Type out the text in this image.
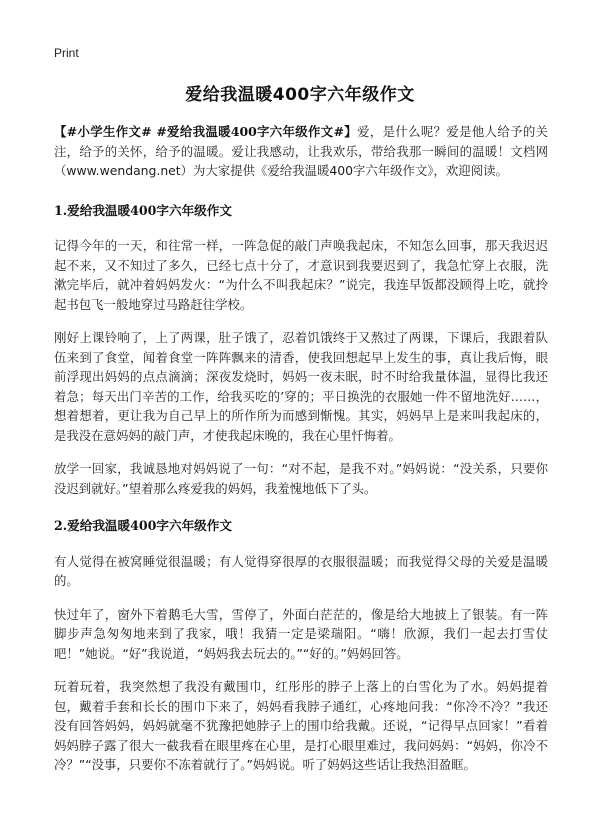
Print
爱给我温暖400字六年级作文

【#小学生作文# #爱给我温暖400字六年级作文#】爱，是什么呢？爱是他人给予的关注，给予的关怀，给予的温暖。爱让我感动，让我欢乐，带给我那一瞬间的温暖！文档网（www.wendang.net）为大家提供《爱给我温暖400字六年级作文》，欢迎阅读。

1.爱给我温暖400字六年级作文

记得今年的一天，和往常一样，一阵急促的敲门声唤我起床，不知怎么回事，那天我迟迟起不来，又不知过了多久，已经七点十分了，才意识到我要迟到了，我急忙穿上衣服，洗漱完毕后，就冲着妈妈发火：“为什么不叫我起床？”说完，我连早饭都没顾得上吃，就拎起书包飞一般地穿过马路赶往学校。

刚好上课铃响了，上了两课，肚子饿了，忍着饥饿终于又熬过了两课，下课后，我跟着队伍来到了食堂，闻着食堂一阵阵飘来的清香，使我回想起早上发生的事，真让我后悔，眼前浮现出妈妈的点点滴滴；深夜发烧时，妈妈一夜未眠，时不时给我量体温，显得比我还着急；每天出门辛苦的工作，给我买吃的’穿的；平日换洗的衣服她一件不留地洗好……，想着想着，更让我为自己早上的所作所为而感到惭愧。其实，妈妈早上是来叫我起床的，是我没在意妈妈的敲门声，才使我起床晚的，我在心里忏悔着。

放学一回家，我诚恳地对妈妈说了一句：“对不起，是我不对。”妈妈说：“没关系，只要你没迟到就好。”望着那么疼爱我的妈妈，我羞愧地低下了头。

2.爱给我温暖400字六年级作文

有人觉得在被窝睡觉很温暖；有人觉得穿很厚的衣服很温暖；而我觉得父母的关爱是温暖的。

快过年了，窗外下着鹅毛大雪，雪停了，外面白茫茫的，像是给大地披上了银装。有一阵脚步声急匆匆地来到了我家，哦！我猜一定是梁瑞阳。“嗨！欣源，我们一起去打雪仗吧！”她说。“好”我说道，“妈妈我去玩去的。”“好的。”妈妈回答。

玩着玩着，我突然想了我没有戴围巾，红彤彤的脖子上落上的白雪化为了水。妈妈提着包，戴着手套和长长的围巾下来了，妈妈看我脖子通红，心疼地问我：“你冷不冷？”我还没有回答妈妈，妈妈就毫不犹豫把她脖子上的围巾给我戴。还说，“记得早点回家！”看着妈妈脖子露了很大一截我看在眼里疼在心里，是打心眼里难过，我问妈妈：“妈妈，你冷不冷？”“没事，只要你不冻着就行了。”妈妈说。听了妈妈这些话让我热泪盈眶。
